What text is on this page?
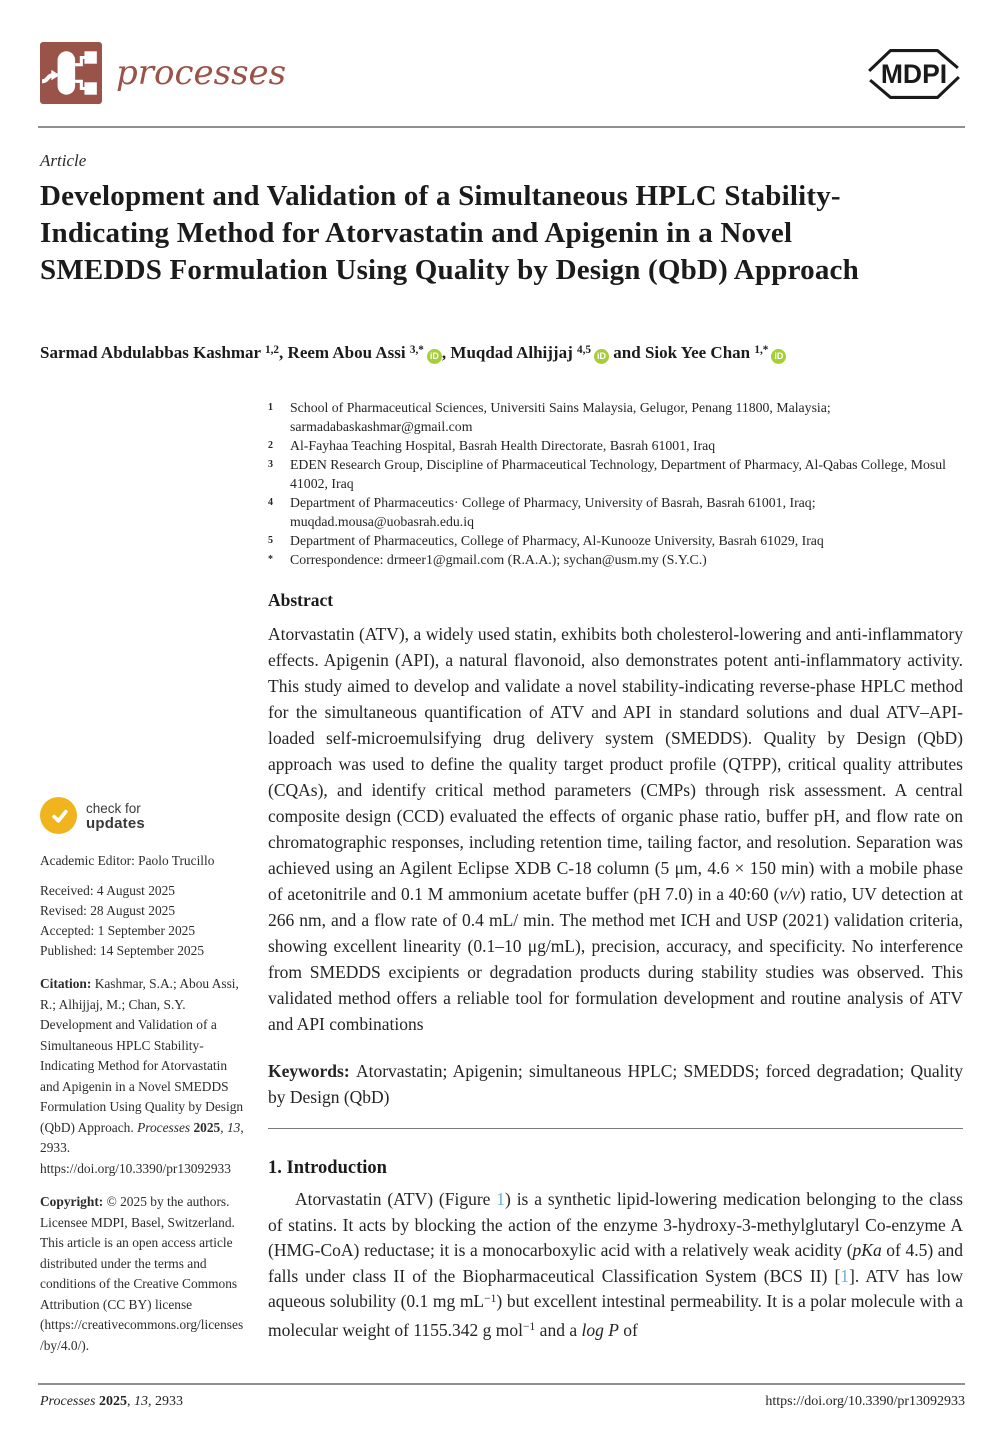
processes	MDPI
Article
Development and Validation of a Simultaneous HPLC Stability-Indicating Method for Atorvastatin and Apigenin in a Novel SMEDDS Formulation Using Quality by Design (QbD) Approach
Sarmad Abdulabbas Kashmar $^{1,2}$, Reem Abou Assi $^{3,*}$iD , Muqdad Alhijjaj $^{4,5}$iD and Siok Yee Chan $^{1,*}$iD
check for
updates
Academic Editor: Paolo Trucillo
Received: 4 August 2025
Revised: 28 August 2025
Accepted: 1 September 2025
Published: 14 September 2025
Citation: Kashmar, S.A.; Abou Assi, R.; Alhijjaj, M.; Chan, S.Y. Development and Validation of a Simultaneous HPLC Stability-Indicating Method for Atorvastatin and Apigenin in a Novel SMEDDS Formulation Using Quality by Design (QbD) Approach. Processes 2025, 13, 2933. https://doi.org/10.3390/pr13092933
Copyright: © 2025 by the authors. Licensee MDPI, Basel, Switzerland. This article is an open access article distributed under the terms and conditions of the Creative Commons Attribution (CC BY) license (https://creativecommons.org/licenses/by/4.0/).
1	School of Pharmaceutical Sciences, Universiti Sains Malaysia, Gelugor, Penang 11800, Malaysia; sarmadabaskashmar@gmail.com
2	Al-Fayhaa Teaching Hospital, Basrah Health Directorate, Basrah 61001, Iraq
3	EDEN Research Group, Discipline of Pharmaceutical Technology, Department of Pharmacy, Al-Qabas College, Mosul 41002, Iraq
4	Department of Pharmaceutics· College of Pharmacy, University of Basrah, Basrah 61001, Iraq; muqdad.mousa@uobasrah.edu.iq
5	Department of Pharmaceutics, College of Pharmacy, Al-Kunooze University, Basrah 61029, Iraq
*	Correspondence: drmeer1@gmail.com (R.A.A.); sychan@usm.my (S.Y.C.)
Abstract
Atorvastatin (ATV), a widely used statin, exhibits both cholesterol-lowering and anti-inflammatory effects. Apigenin (API), a natural flavonoid, also demonstrates potent anti-inflammatory activity. This study aimed to develop and validate a novel stability-indicating reverse-phase HPLC method for the simultaneous quantification of ATV and API in standard solutions and dual ATV–API-loaded self-microemulsifying drug delivery system (SMEDDS). Quality by Design (QbD) approach was used to define the quality target product profile (QTPP), critical quality attributes (CQAs), and identify critical method parameters (CMPs) through risk assessment. A central composite design (CCD) evaluated the effects of organic phase ratio, buffer pH, and flow rate on chromatographic responses, including retention time, tailing factor, and resolution. Separation was achieved using an Agilent Eclipse XDB C-18 column (5 μm, 4.6 × 150 min) with a mobile phase of acetonitrile and 0.1 M ammonium acetate buffer (pH 7.0) in a 40:60 (v/v) ratio, UV detection at 266 nm, and a flow rate of 0.4 mL/ min. The method met ICH and USP (2021) validation criteria, showing excellent linearity (0.1–10 μg/mL), precision, accuracy, and specificity. No interference from SMEDDS excipients or degradation products during stability studies was observed. This validated method offers a reliable tool for formulation development and routine analysis of ATV and API combinations
Keywords: Atorvastatin; Apigenin; simultaneous HPLC; SMEDDS; forced degradation; Quality by Design (QbD)
1. Introduction
Atorvastatin (ATV) (Figure 1) is a synthetic lipid-lowering medication belonging to the class of statins. It acts by blocking the action of the enzyme 3-hydroxy-3-methylglutaryl Co-enzyme A (HMG-CoA) reductase; it is a monocarboxylic acid with a relatively weak acidity (pKa of 4.5) and falls under class II of the Biopharmaceutical Classification System (BCS II) [1]. ATV has low aqueous solubility (0.1 mg $mL^{-1}$) but excellent intestinal permeability. It is a polar molecule with a molecular weight of 1155.342 g mol$^{-1}$ and a log P of
Processes 2025, 13, 2933	https://doi.org/10.3390/pr13092933
